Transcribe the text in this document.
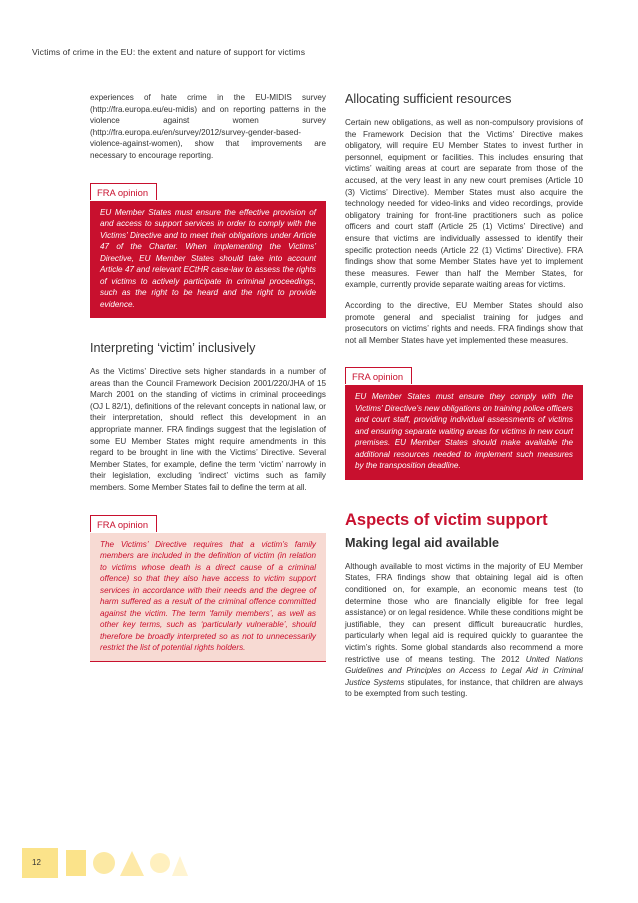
Victims of crime in the EU: the extent and nature of support for victims

experiences of hate crime in the EU-MIDIS survey (http://fra.europa.eu/eu-midis) and on reporting patterns in the violence against women survey (http://fra.europa.eu/en/survey/2012/survey-gender-based-violence-against-women), show that improvements are necessary to encourage reporting.

FRA opinion
EU Member States must ensure the effective provision of and access to support services in order to comply with the Victims’ Directive and to meet their obligations under Article 47 of the Charter. When implementing the Victims’ Directive, EU Member States should take into account Article 47 and relevant ECtHR case-law to assess the rights of victims to actively participate in criminal proceedings, such as the right to be heard and the right to provide evidence.
Interpreting ‘victim’ inclusively

As the Victims’ Directive sets higher standards in a number of areas than the Council Framework Decision 2001/220/JHA of 15 March 2001 on the standing of victims in criminal proceedings (OJ L 82/1), definitions of the relevant concepts in national law, or their interpretation, should reflect this development in an appropriate manner. FRA findings suggest that the legislation of some EU Member States might require amendments in this regard to be brought in line with the Victims’ Directive. Several Member States, for example, define the term ‘victim’ narrowly in their legislation, excluding ‘indirect’ victims such as family members. Some Member States fail to define the term at all.

FRA opinion
The Victims’ Directive requires that a victim’s family members are included in the definition of victim (in relation to victims whose death is a direct cause of a criminal offence) so that they also have access to victim support services in accordance with their needs and the degree of harm suffered as a result of the criminal offence committed against the victim. The term ‘family members’, as well as other key terms, such as ‘particularly vulnerable’, should therefore be broadly interpreted so as not to unnecessarily restrict the list of potential rights holders.
Allocating sufficient resources

Certain new obligations, as well as non-compulsory provisions of the Framework Decision that the Victims’ Directive makes obligatory, will require EU Member States to invest further in personnel, equipment or facilities. This includes ensuring that victims’ waiting areas at court are separate from those of the accused, at the very least in any new court premises (Article 10 (3) Victims’ Directive). Member States must also acquire the technology needed for video-links and video recordings, provide obligatory training for front-line practitioners such as police officers and court staff (Article 25 (1) Victims’ Directive) and ensure that victims are individually assessed to identify their specific protection needs (Article 22 (1) Victims’ Directive). FRA findings show that some Member States have yet to implement these measures. Fewer than half the Member States, for example, currently provide separate waiting areas for victims.

According to the directive, EU Member States should also promote general and specialist training for judges and prosecutors on victims’ rights and needs. FRA findings show that not all Member States have yet implemented these measures.

FRA opinion
EU Member States must ensure they comply with the Victims’ Directive’s new obligations on training police officers and court staff, providing individual assessments of victims and ensuring separate waiting areas for victims in new court premises. EU Member States should make available the additional resources needed to implement such measures by the transposition deadline.
Aspects of victim support
Making legal aid available

Although available to most victims in the majority of EU Member States, FRA findings show that obtaining legal aid is often conditioned on, for example, an economic means test (to determine those who are financially eligible for free legal assistance) or on legal residence. While these conditions might be justifiable, they can present difficult bureaucratic hurdles, particularly when legal aid is required quickly to guarantee the victim’s rights. Some global standards also recommend a more restrictive use of means testing. The 2012 United Nations Guidelines and Principles on Access to Legal Aid in Criminal Justice Systems stipulates, for instance, that children are always to be exempted from such testing.

12
